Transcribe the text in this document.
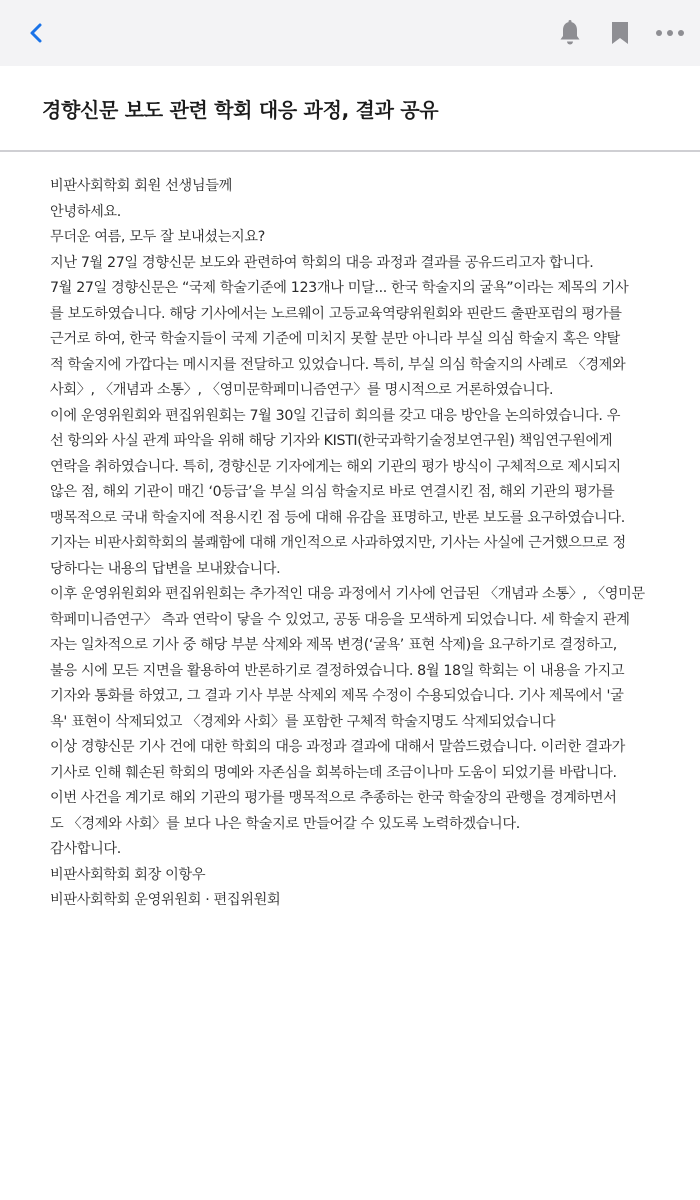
경향신문 보도 관련 학회 대응 과정, 결과 공유

비판사회학회 회원 선생님들께

안녕하세요.
무더운 여름, 모두 잘 보내셨는지요?

지난 7월 27일 경향신문 보도와 관련하여 학회의 대응 과정과 결과를 공유드리고자 합니다.

7월 27일 경향신문은 “국제 학술기준에 123개나 미달... 한국 학술지의 굴욕”이라는 제목의 기사
를 보도하였습니다. 해당 기사에서는 노르웨이 고등교육역량위원회와 핀란드 출판포럼의 평가를
근거로 하여, 한국 학술지들이 국제 기준에 미치지 못할 분만 아니라 부실 의심 학술지 혹은 약탈
적 학술지에 가깝다는 메시지를 전달하고 있었습니다. 특히, 부실 의심 학술지의 사례로 〈경제와
사회〉, 〈개념과 소통〉, 〈영미문학페미니즘연구〉를 명시적으로 거론하였습니다.

이에 운영위원회와 편집위원회는 7월 30일 긴급히 회의를 갖고 대응 방안을 논의하였습니다. 우
선 항의와 사실 관계 파악을 위해 해당 기자와 KISTI(한국과학기술정보연구원) 책임연구원에게
연락을 취하였습니다. 특히, 경향신문 기자에게는 해외 기관의 평가 방식이 구체적으로 제시되지
않은 점, 해외 기관이 매긴 ‘0등급’을 부실 의심 학술지로 바로 연결시킨 점, 해외 기관의 평가를
맹목적으로 국내 학술지에 적용시킨 점 등에 대해 유감을 표명하고, 반론 보도를 요구하였습니다.
기자는 비판사회학회의 불쾌함에 대해 개인적으로 사과하였지만, 기사는 사실에 근거했으므로 정
당하다는 내용의 답변을 보내왔습니다.

이후 운영위원회와 편집위원회는 추가적인 대응 과정에서 기사에 언급된 〈개념과 소통〉, 〈영미문
학페미니즘연구〉 측과 연락이 닿을 수 있었고, 공동 대응을 모색하게 되었습니다. 세 학술지 관계
자는 일차적으로 기사 중 해당 부분 삭제와 제목 변경(‘굴욕’ 표현 삭제)을 요구하기로 결정하고,
불응 시에 모든 지면을 활용하여 반론하기로 결정하였습니다. 8월 18일 학회는 이 내용을 가지고
기자와 통화를 하였고, 그 결과 기사 부분 삭제외 제목 수정이 수용되었습니다. 기사 제목에서 '굴
욕' 표현이 삭제되었고 〈경제와 사회〉를 포함한 구체적 학술지명도 삭제되었습니다

이상 경향신문 기사 건에 대한 학회의 대응 과정과 결과에 대해서 말씀드렸습니다. 이러한 결과가
기사로 인해 훼손된 학회의 명예와 자존심을 회복하는데 조금이나마 도움이 되었기를 바랍니다.
이번 사건을 계기로 해외 기관의 평가를 맹목적으로 추종하는 한국 학술장의 관행을 경계하면서
도 〈경제와 사회〉를 보다 나은 학술지로 만들어갈 수 있도록 노력하겠습니다.

감사합니다.

비판사회학회 회장 이항우

비판사회학회 운영위원회 · 편집위원회
